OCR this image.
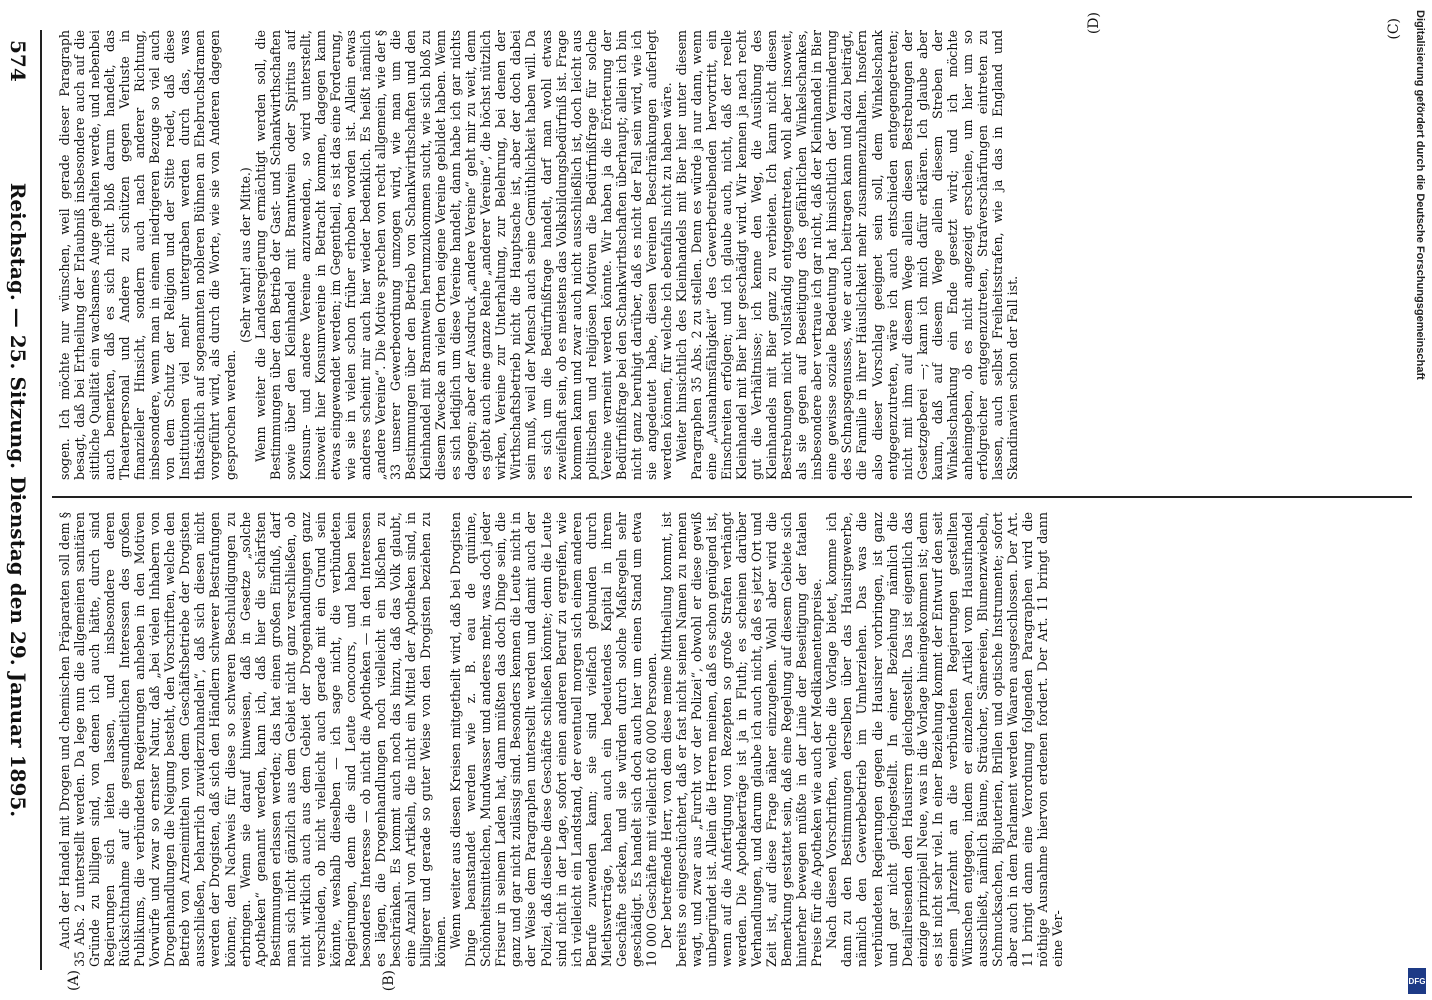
574
Reichstag. — 25. Sitzung. Dienstag den 29. Januar 1895. sogen. Ich möchte nur wünschen, weil gerade dieser Paragraph besagt, daß bei Ertheilung der Erlaubniß insbesondere auch auf die sittliche Qualität ein wachsames Auge gehalten werde, und nebenbei auch bemerken, daß es sich nicht bloß darum handelt, das Theaterpersonal und Andere zu schützen gegen Verluste in finanzieller Hinsicht, sondern auch nach anderer Richtung, insbesondere, wenn man in einem niedrigeren Bezuge so viel auch von dem Schutz der Religion und der Sitte redet, daß diese Institutionen viel mehr untergraben werden durch das, was thatsächlich auf sogenannten nobleren Bühnen an Ehebruchsdramen vorgeführt wird, als durch die Worte, wie sie von Anderen dagegen gesprochen werden.

(Sehr wahr! aus der Mitte.) Wenn weiter die Landesregierung ermächtigt werden soll, die Bestimmungen über den Betrieb der Gast- und Schankwirthschaften sowie über den Kleinhandel mit Branntwein oder Spiritus auf Konsum- und andere Vereine anzuwenden, so wird unterstellt, insoweit hier Konsumvereine in Betracht kommen, dagegen kann etwas eingewendet werden; im Gegentheil, es ist das eine Forderung, wie sie in vielen schon früher erhoben worden ist. Allein etwas anderes scheint mir auch hier wieder bedenklich. Es heißt nämlich „andere Vereine“. Die Motive sprechen von recht allgemein, wie der § 33 unserer Gewerbeordnung umzogen wird, wie man um die Bestimmungen über den Betrieb von Schankwirthschaften und den Kleinhandel mit Branntwein herumzukommen sucht, wie sich bloß zu diesem Zwecke an vielen Orten eigene Vereine gebildet haben. Wenn es sich lediglich um diese Vereine handelt, dann habe ich gar nichts dagegen; aber der Ausdruck „andere Vereine“ geht mir zu weit, denn es giebt auch eine ganze Reihe „anderer Vereine“, die höchst nützlich wirken, Vereine zur Unterhaltung, zur Belehrung, bei denen der Wirthschaftsbetrieb nicht die Hauptsache ist, aber der doch dabei sein muß, weil der Mensch auch seine Gemüthlichkeit haben will. Da es sich um die Bedürfnißfrage handelt, darf man wohl etwas zweifelhaft sein, ob es meistens das Volksbildungsbedürfniß ist. Frage kommen kann und zwar auch nicht ausschließlich ist, doch leicht aus politischen und religiösen Motiven die Bedürfnißfrage für solche Vereine verneint werden könnte. Wir haben ja die Erörterung der Bedürfnißfrage bei den Schankwirthschaften überhaupt; allein ich bin nicht ganz beruhigt darüber, daß es nicht der Fall sein wird, wie ich sie angedeutet habe, diesen Vereinen Beschränkungen auferlegt werden können, für welche ich ebenfalls nicht zu haben wäre. Weiter hinsichtlich des Kleinhandels mit Bier hier unter diesem Paragraphen 35 Abs. 2 zu stellen. Denn es würde ja nur dann, wenn eine „Ausnahmsfähigkeit“ des Gewerbetreibenden hervortritt, ein Einschreiten erfolgen; und ich glaube auch, nicht, daß der reelle Kleinhandel mit Bier hier geschädigt wird. Wir kennen ja nach recht gut die Verhältnisse; ich kenne den Weg, die Ausübung des Kleinhandels mit Bier ganz zu verbieten. Ich kann nicht diesen Bestrebungen nicht vollständig entgegentreten, wohl aber insoweit, als sie gegen auf Beseitigung des gefährlichen Winkelschankes, insbesondere aber vertraue ich gar nicht, daß der Kleinhandel in Bier eine gewisse soziale Bedeutung hat hinsichtlich der Verminderung des Schnapsgenusses, wie er auch beitragen kann und dazu beiträgt, die Familie in ihrer Häuslichkeit mehr zusammenzuhalten. Insofern also dieser Vorschlag geeignet sein soll, dem Winkelschank entgegenzutreten, wäre ich auch entschieden entgegengetreten; nicht mit ihm auf diesem Wege allein diesen Bestrebungen der Gesetzgeberei —; kann ich mich dafür erklären. Ich glaube aber kaum, daß auf diesem Wege allein diesem Streben der Winkelschankung ein Ende gesetzt wird; und ich möchte anheimgeben, ob es nicht angezeigt erscheine, um hier um so erfolgreicher entgegenzutreten, Strafverschärfungen eintreten zu lassen, auch selbst Freiheitsstrafen, wie ja das in England und Skandinavien schon der Fall ist.

Auch der Handel mit Drogen und chemischen Präparaten soll dem § 35 Abs. 2 unterstellt werden. Da lege nun die allgemeinen sanitären Gründe zu billigen sind, von denen ich auch hätte, durch sind Regierungen sich leiten lassen, und insbesondere deren Rücksichtnahme auf die gesundheitlichen Interessen des großen Publikums, die verbündeten Regierungen anheben in den Motiven Vorwürfe und zwar so ernster Natur, daß „bei vielen Inhabern von Drogenhandlungen die Neigung besteht, den Vorschriften, welche den Betrieb von Arzneimitteln von dem Geschäftsbetriebe der Drogisten ausschließen, beharrlich zuwiderzuhandeln“, daß sich diesen nicht werden der Drogisten, daß sich den Händlern schwerer Bestrafungen können; den Nachweis für diese so schweren Beschuldigungen zu erbringen. Wenn sie darauf hinweisen, daß in Gesetze „solche Apotheken“ genannt werden, kann ich, daß hier die schärfsten Bestimmungen erlassen werden; das hat einen großen Einfluß, darf man sich nicht gänzlich aus dem Gebiet nicht ganz verschließen, ob nicht wirklich auch aus dem Gebiet der Drogenhandlungen ganz verschieden, ob nicht vielleicht auch gerade mit ein Grund sein könnte, weshalb dieselben — ich sage nicht, die verbündeten Regierungen, denn die sind Leute concours, und haben kein besonderes Interesse — ob nicht die Apotheken — in den Interessen es lägen, die Drogenhandlungen noch vielleicht ein bißchen zu beschränken. Es kommt auch noch das hinzu, daß das Volk glaubt, eine Anzahl von Artikeln, die nicht ein Mittel der Apotheken sind, in billigerer und gerade so guter Weise von den Drogisten beziehen zu können. Wenn weiter aus diesen Kreisen mitgetheilt wird, daß bei Drogisten Dinge beanstandet werden wie z. B. eau de quinine, Schönheitsmittelchen, Mundwasser und anderes mehr, was doch jeder Friseur in seinem Laden hat, dann müßten das doch Dinge sein, die ganz und gar nicht zulässig sind. Besonders kennen die Leute nicht in der Weise dem Paragraphen unterstellt werden und damit auch der Polizei, daß dieselbe diese Geschäfte schließen könnte; denn die Leute sind nicht in der Lage, sofort einen anderen Beruf zu ergreifen, wie ich vielleicht ein Landstand, der eventuell morgen sich einem anderen Berufe zuwenden kann; sie sind vielfach gebunden durch Miethsverträge, haben auch ein bedeutendes Kapital in ihrem Geschäfte stecken, und sie würden durch solche Maßregeln sehr geschädigt. Es handelt sich doch auch hier um einen Stand um etwa 10 000 Geschäfte mit vielleicht 60 000 Personen. Der betreffende Herr, von dem diese meine Mittheilung kommt, ist bereits so eingeschüchtert, daß er fast nicht seinen Namen zu nennen wagt, und zwar aus „Furcht vor der Polizei“, obwohl er diese gewiß unbegründet ist. Allein die Herren meinen, daß es schon genügend ist, wenn auf die Anfertigung von Rezepten so große Strafen verhängt werden. Die Apothekerträge ist ja in Fluth; es scheinen darüber Verhandlungen, und darum glaube ich auch nicht, daß es jetzt Ort und Zeit ist, auf diese Frage näher einzugehen. Wohl aber wird die Bemerkung gestattet sein, daß eine Regelung auf diesem Gebiete sich hinterher bewegen müßte in der Linie der Beseitigung der fatalen Preise für die Apotheken wie auch der Medikamentenpreise. Nach diesen Vorschriften, welche die Vorlage bietet, komme ich dann zu den Bestimmungen derselben über das Hausirgewerbe, nämlich den Gewerbebetrieb im Umherziehen. Das was die verbündeten Regierungen gegen die Hausirer vorbringen, ist ganz und gar nicht gleichgestellt. In einer Beziehung nämlich die Detailreisenden den Hausirern gleichgestellt. Das ist eigentlich das einzige prinzipiell Neue, was in die Vorlage hineingekommen ist; denn es ist nicht sehr viel. In einer Beziehung kommt der Entwurf den seit einem Jahrzehnt an die verbündeten Regierungen gestellten Wünschen entgegen, indem er einzelnen Artikel vom Hausirhandel ausschließt, nämlich Bäume, Sträucher, Sämereien, Blumenzwiebeln, Schmucksachen, Bijouterien, Brillen und optische Instrumente; sofort aber auch in dem Parlament werden Waaren ausgeschlossen. Der Art. 11 bringt dann eine Verordnung folgenden Paragraphen wird die nöthige Ausnahme hiervon erdenen fordert. Der Art. 11 bringt dann eine Ver-

(A)	(B)
(C)
(D)	Digitalisierung gefördert durch die Deutsche Forschungsgemeinschaft
DFG
